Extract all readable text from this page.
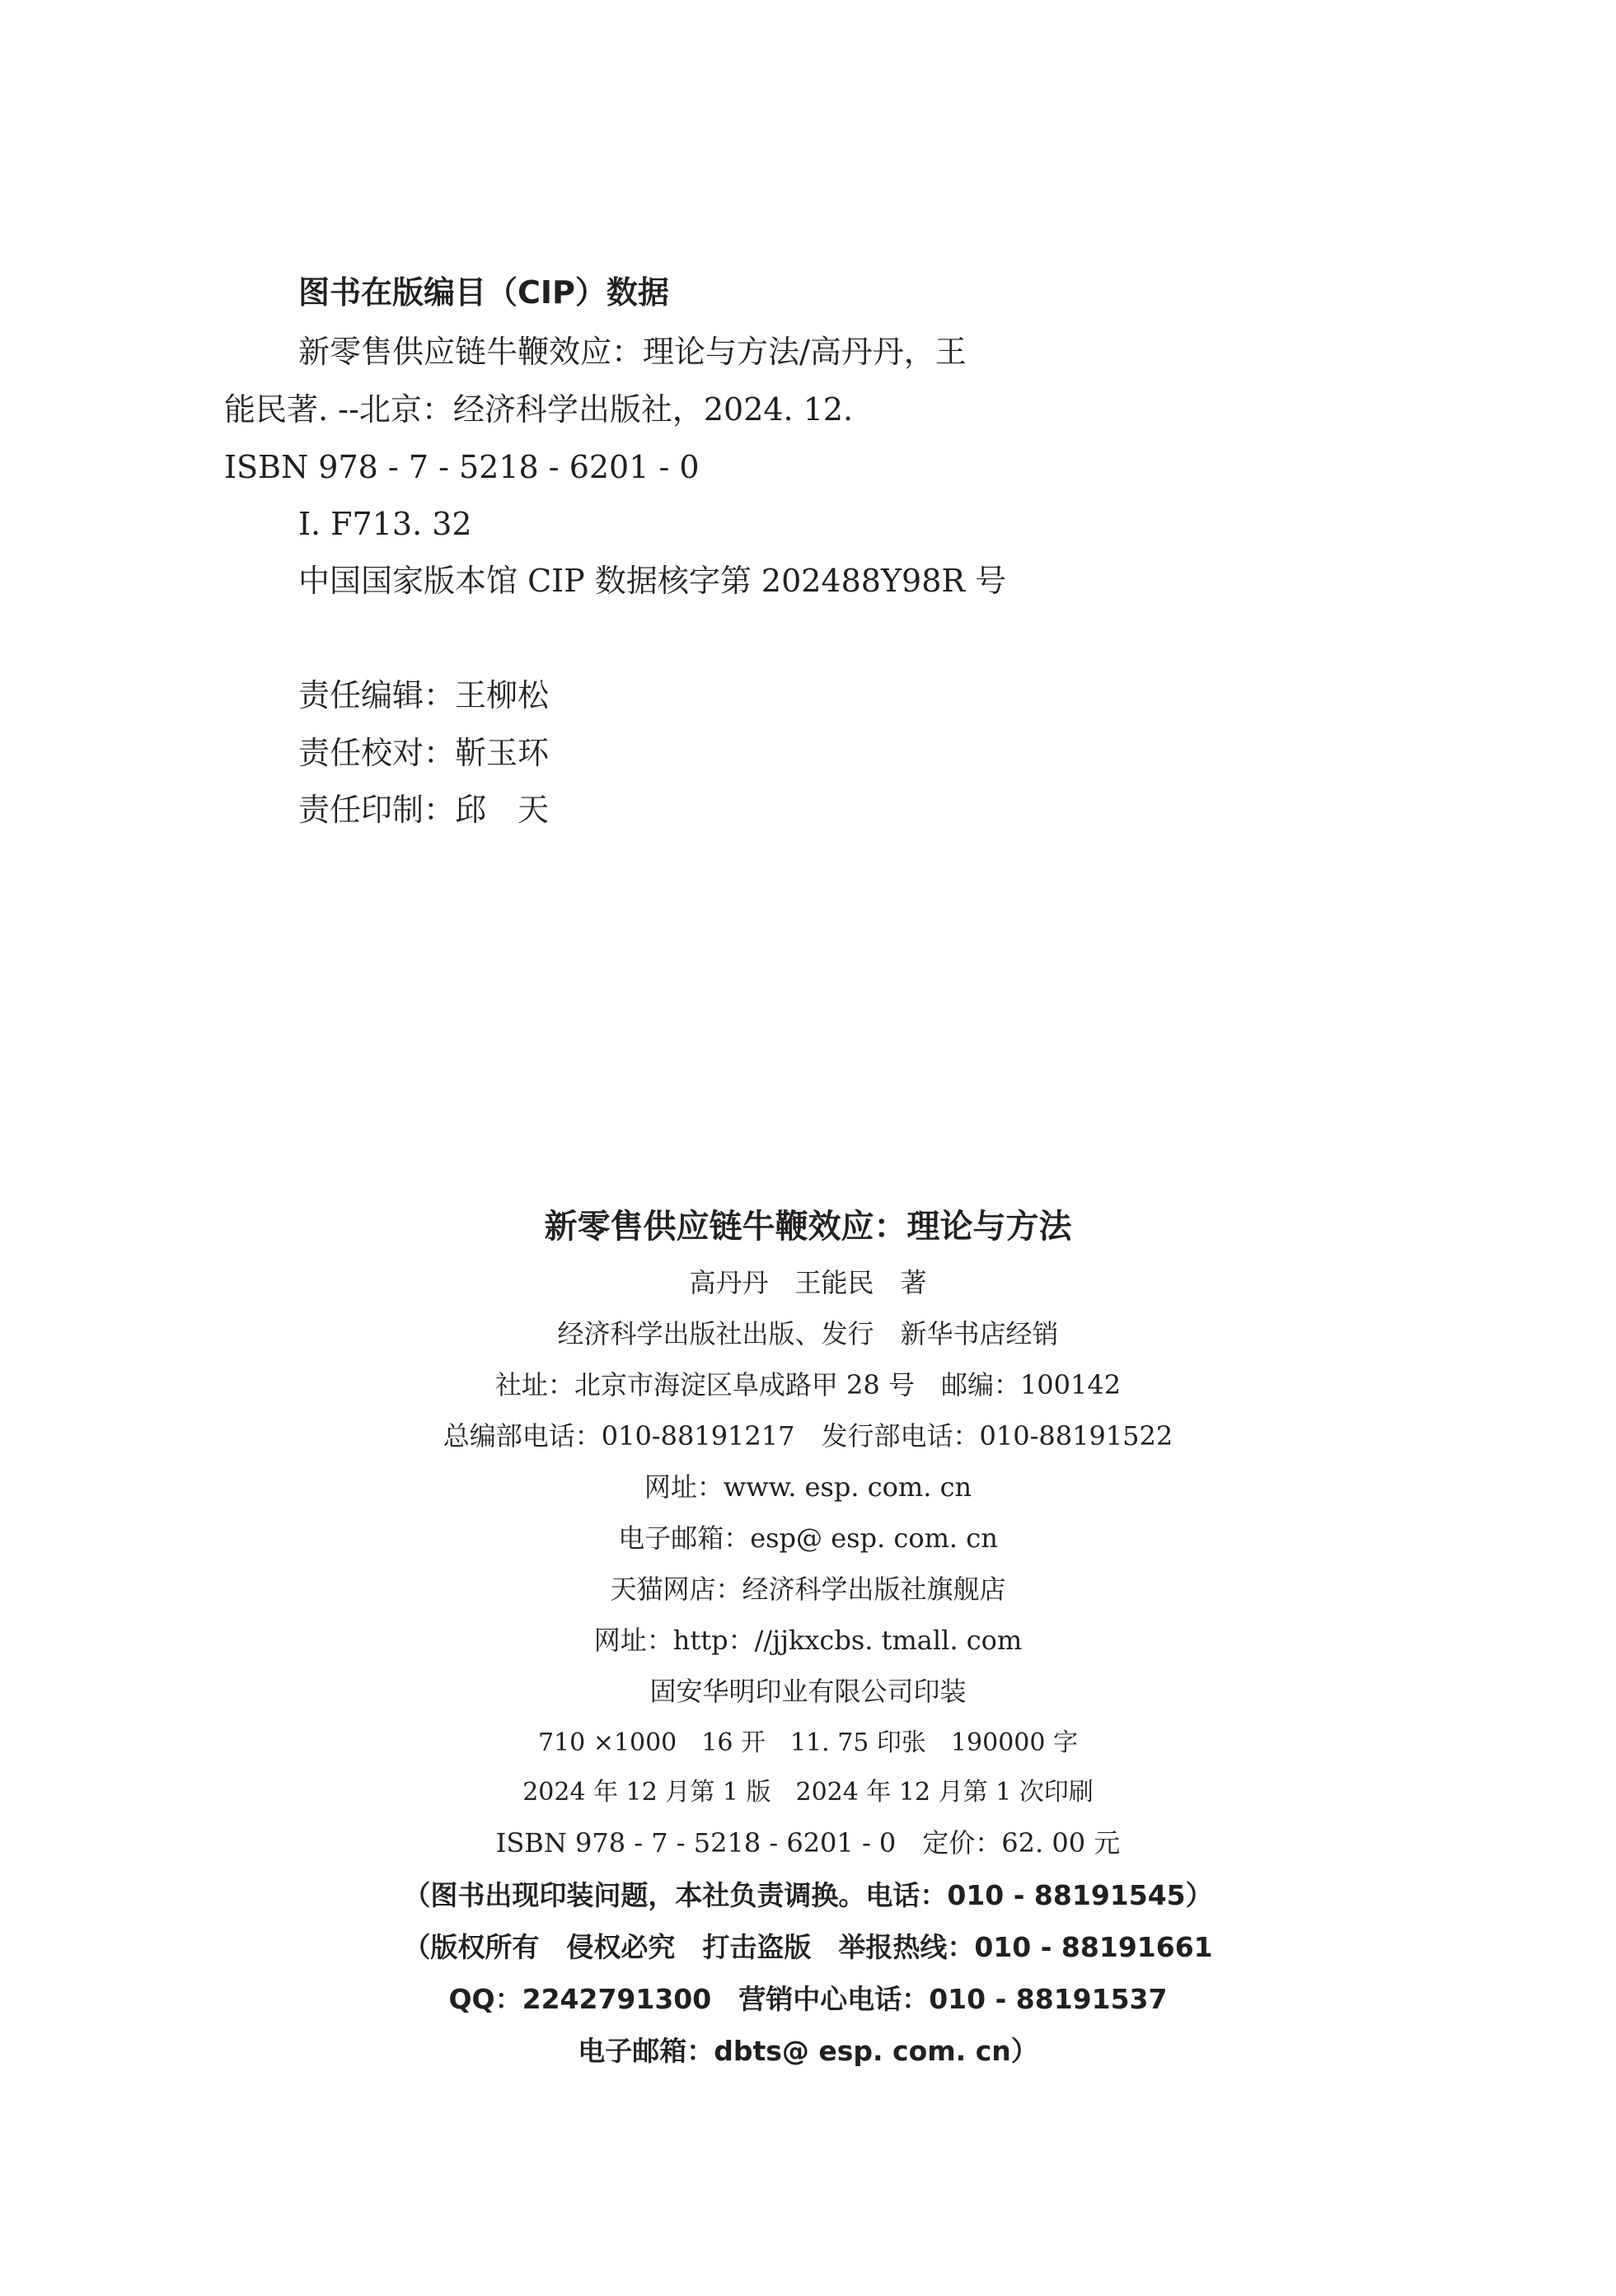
图书在版编目（CIP）数据
新零售供应链牛鞭效应：理论与方法/高丹丹，王
能民著. --北京：经济科学出版社，2024. 12.
ISBN 978 - 7 - 5218 - 6201 - 0
Ⅰ. F713. 32
中国国家版本馆 CIP 数据核字第 202488Y98R 号
责任编辑：王柳松
责任校对：靳玉环
责任印制：邱　天
新零售供应链牛鞭效应：理论与方法
高丹丹　王能民　著
经济科学出版社出版、发行　新华书店经销
社址：北京市海淀区阜成路甲 28 号　邮编：100142
总编部电话：010-88191217　发行部电话：010-88191522
网址：www. esp. com. cn
电子邮箱：esp@ esp. com. cn
天猫网店：经济科学出版社旗舰店
网址：http：//jjkxcbs. tmall. com
固安华明印业有限公司印装
710 ×1000　16 开　11. 75 印张　190000 字
2024 年 12 月第 1 版　2024 年 12 月第 1 次印刷
ISBN 978 - 7 - 5218 - 6201 - 0　定价：62. 00 元
（图书出现印装问题，本社负责调换。电话：010 - 88191545）
（版权所有　侵权必究　打击盗版　举报热线：010 - 88191661
QQ：2242791300　营销中心电话：010 - 88191537
电子邮箱：dbts@ esp. com. cn）
